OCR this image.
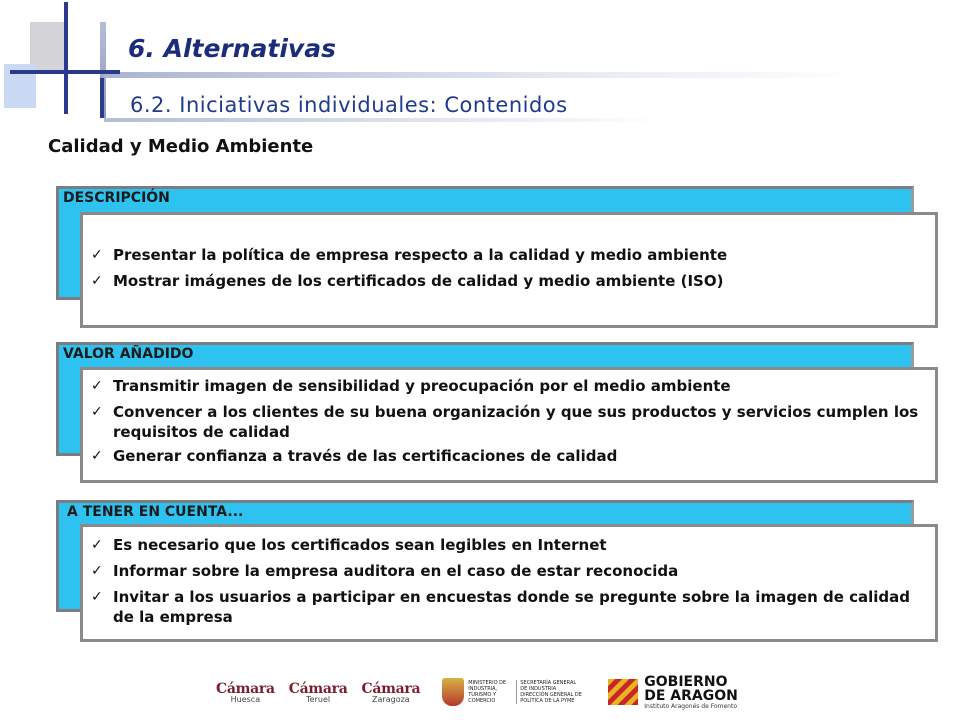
6. Alternativas
6.2. Iniciativas individuales: Contenidos
Calidad y Medio Ambiente
DESCRIPCIÓN
✓ Presentar la política de empresa respecto a la calidad y medio ambiente
✓ Mostrar imágenes de los certificados de calidad y medio ambiente (ISO)
VALOR AÑADIDO
✓ Transmitir imagen de sensibilidad y preocupación por el medio ambiente
✓ Convencer a los clientes de su buena organización y que sus productos y servicios cumplen los requisitos de calidad
✓ Generar confianza a través de las certificaciones de calidad
A TENER EN CUENTA...
✓ Es necesario que los certificados sean legibles en Internet
✓ Informar sobre la empresa auditora en el caso de estar reconocida
✓ Invitar a los usuarios a participar en encuestas donde se pregunte sobre la imagen de calidad de la empresa
Cámara
Huesca
Cámara
Teruel
Cámara
Zaragoza
MINISTERIO DE INDUSTRIA, TURISMO Y COMERCIO
SECRETARÍA GENERAL DE INDUSTRIA DIRECCIÓN GENERAL DE POLÍTICA DE LA PYME
GOBIERNO
DE ARAGON
Instituto Aragonés de Fomento
